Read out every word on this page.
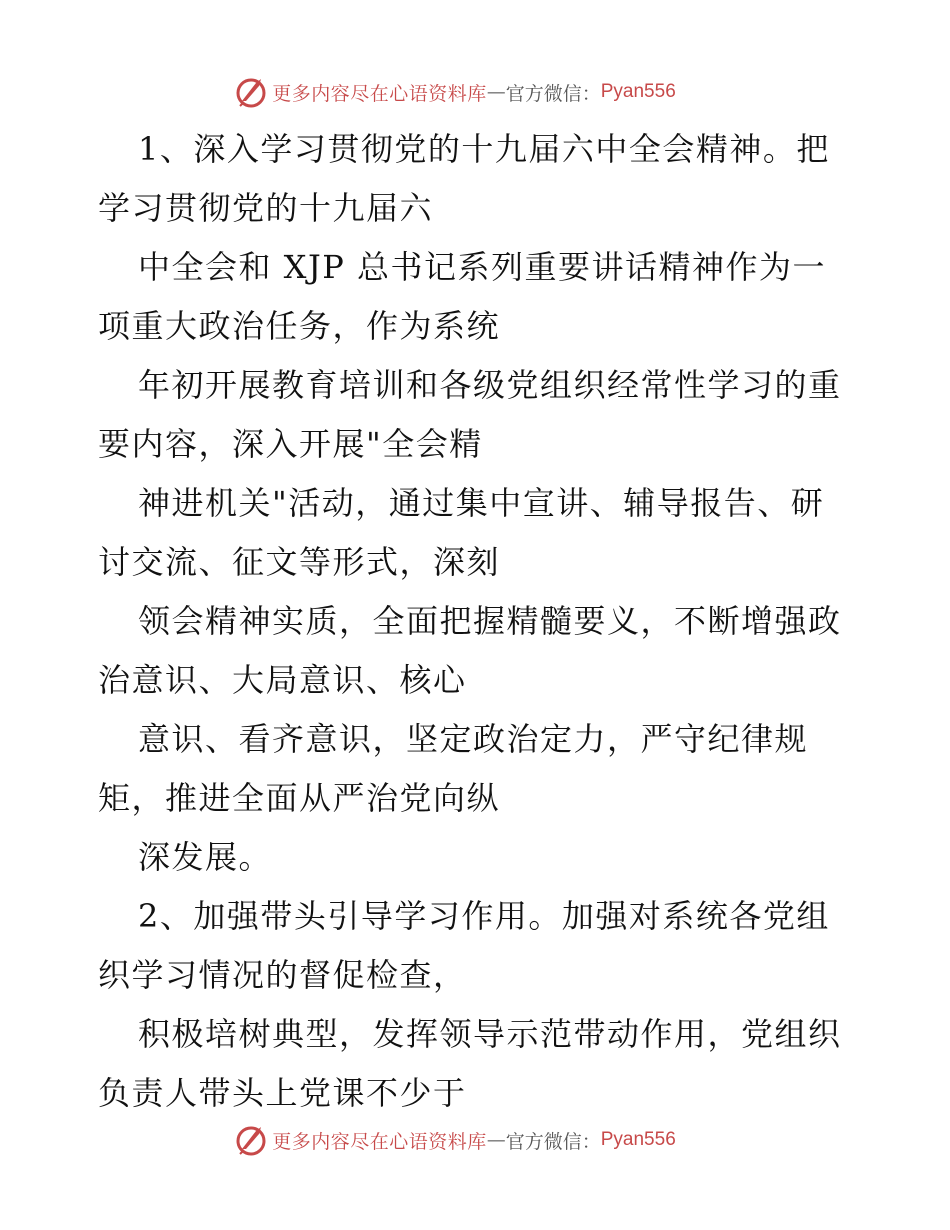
更多内容尽在心语资料库 — 官方微信： Pyan556
1、深入学习贯彻党的十九届六中全会精神。把
学习贯彻党的十九届六
中全会和 XJP 总书记系列重要讲话精神作为一
项重大政治任务，作为系统
年初开展教育培训和各级党组织经常性学习的重
要内容，深入开展"全会精
神进机关"活动，通过集中宣讲、辅导报告、研
讨交流、征文等形式，深刻
领会精神实质，全面把握精髓要义，不断增强政
治意识、大局意识、核心
意识、看齐意识，坚定政治定力，严守纪律规
矩，推进全面从严治党向纵
深发展。
2、加强带头引导学习作用。加强对系统各党组
织学习情况的督促检查，
积极培树典型，发挥领导示范带动作用，党组织
负责人带头上党课不少于
更多内容尽在心语资料库 — 官方微信： Pyan556
